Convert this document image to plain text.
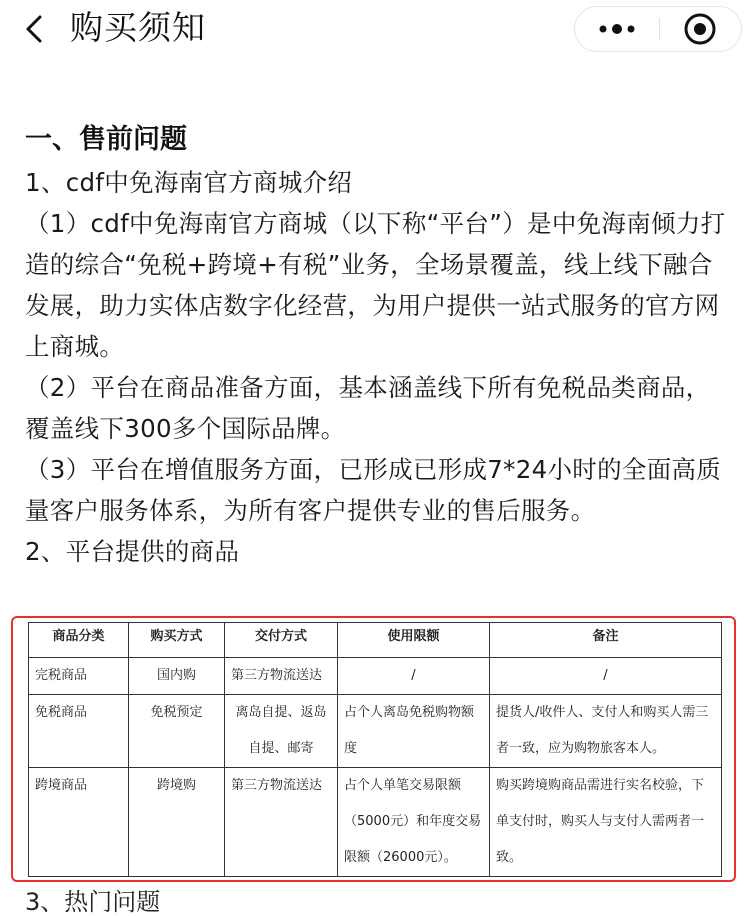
购买须知
一、售前问题

1、cdf中免海南官方商城介绍

（1）cdf中免海南官方商城（以下称“平台”）是中免海南倾力打造的综合“免税+跨境+有税”业务，全场景覆盖，线上线下融合发展，助力实体店数字化经营，为用户提供一站式服务的官方网上商城。

（2）平台在商品准备方面，基本涵盖线下所有免税品类商品，覆盖线下300多个国际品牌。

（3）平台在增值服务方面，已形成已形成7*24小时的全面高质量客户服务体系，为所有客户提供专业的售后服务。

2、平台提供的商品

商品分类	购买方式	交付方式	使用限额	备注
完税商品	国内购	第三方物流送达	/	/
免税商品	免税预定	离岛自提、返岛自提、邮寄	占个人离岛免税购物额度	提货人/收件人、支付人和购买人需三者一致，应为购物旅客本人。
跨境商品	跨境购	第三方物流送达	占个人单笔交易限额（5000元）和年度交易限额（26000元）。	购买跨境购商品需进行实名校验，下单支付时，购买人与支付人需两者一致。
3、热门问题
